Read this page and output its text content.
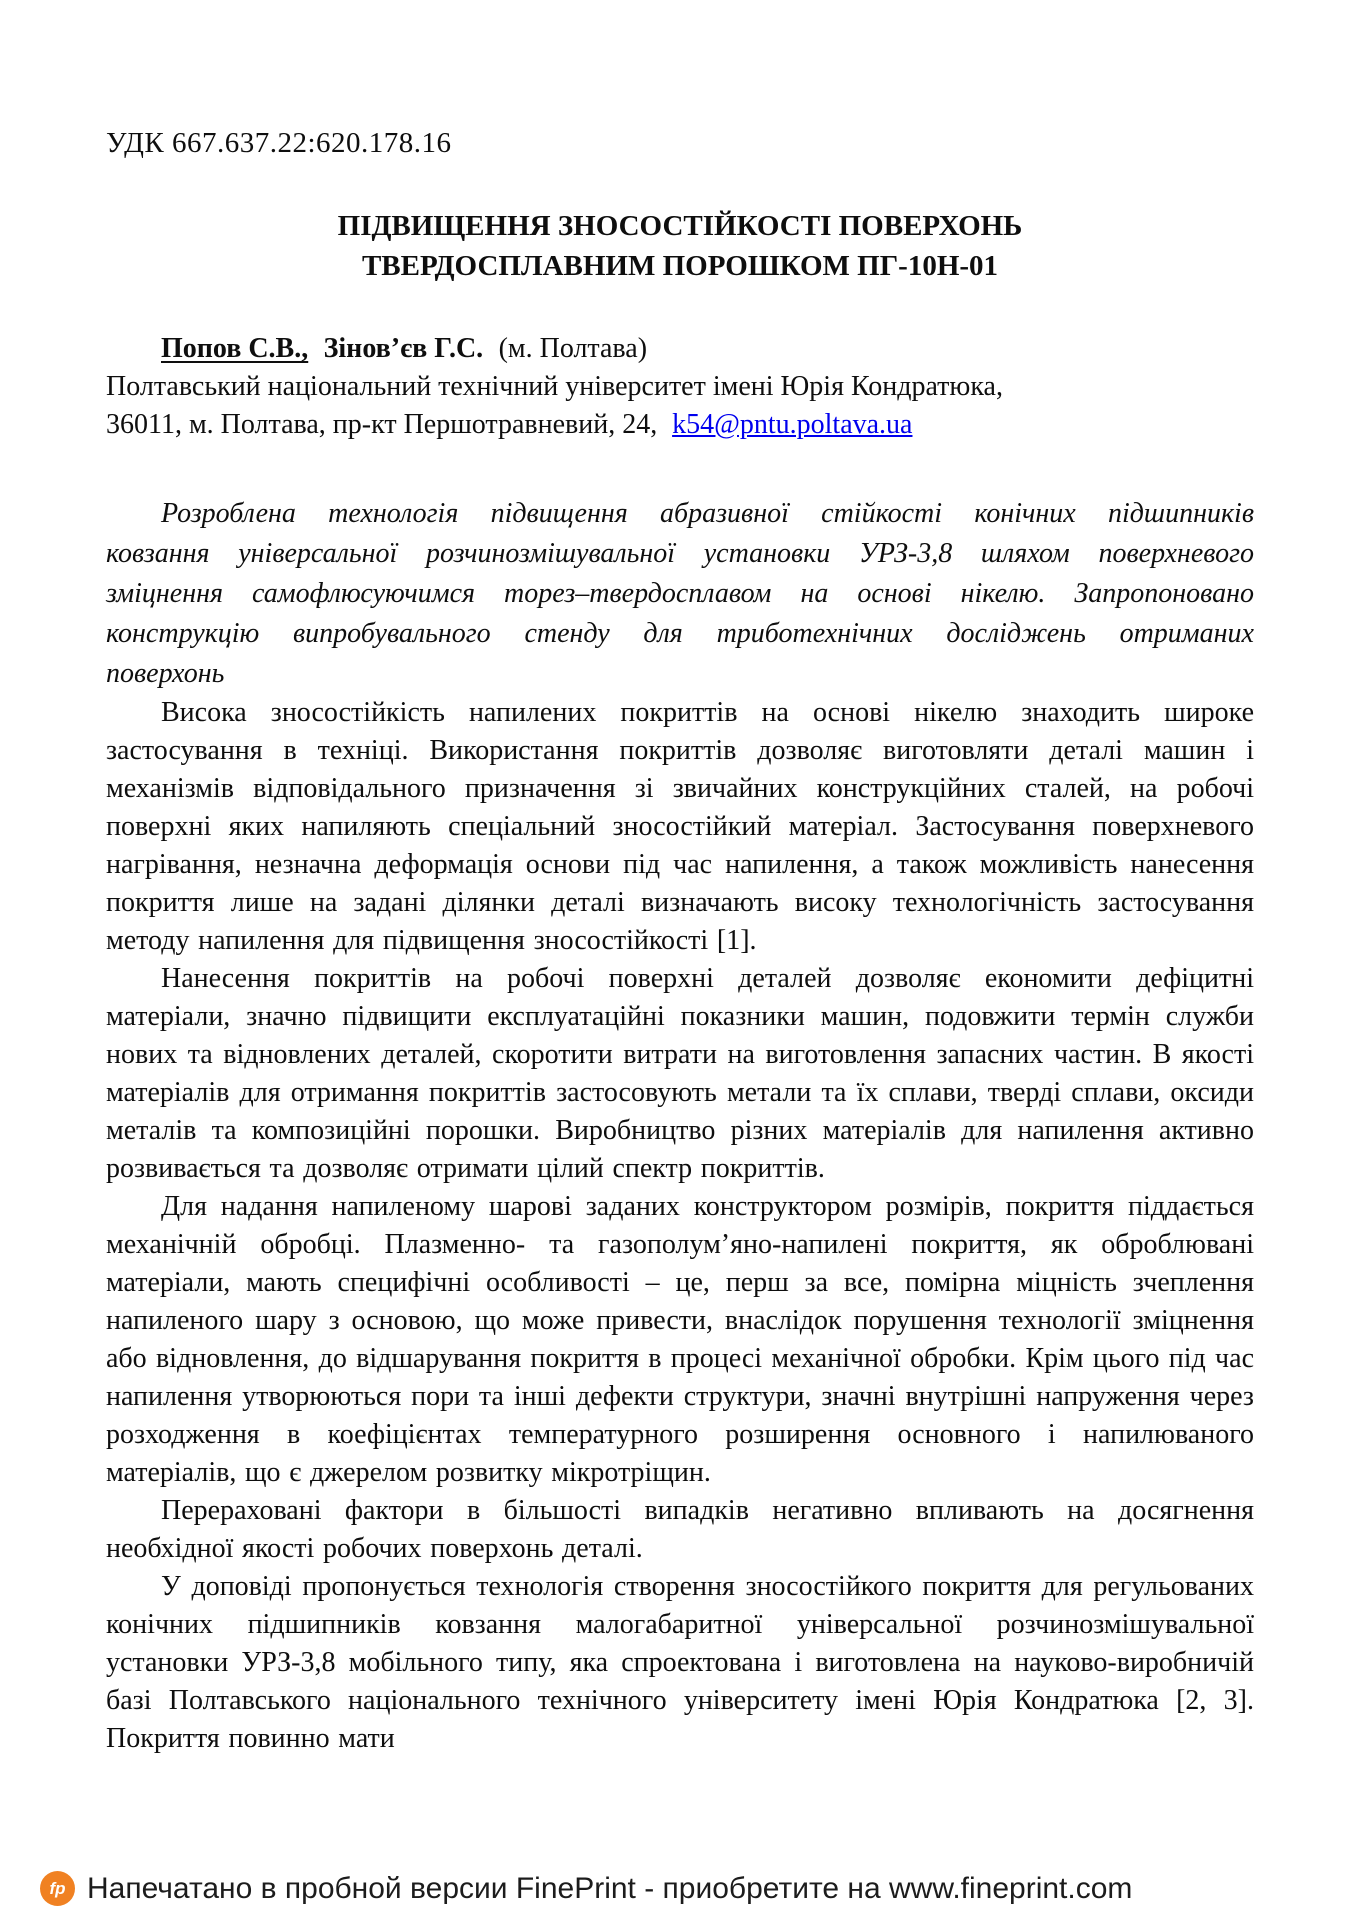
УДК 667.637.22:620.178.16

ПІДВИЩЕННЯ ЗНОСОСТІЙКОСТІ ПОВЕРХОНЬ
ТВЕРДОСПЛАВНИМ ПОРОШКОМ ПГ-10Н-01

Попов С.В., Зінов’єв Г.С. (м. Полтава)

Полтавський національний технічний університет імені Юрія Кондратюка,

36011, м. Полтава, пр-кт Першотравневий, 24, k54@pntu.poltava.ua

Розроблена технологія підвищення абразивної стійкості конічних підшипників ковзання універсальної розчинозмішувальної установки УРЗ-3,8 шляхом поверхневого зміцнення самофлюсуючимся торез–твердосплавом на основі нікелю. Запропоновано конструкцію випробувального стенду для триботехнічних досліджень отриманих поверхонь

Висока зносостійкість напилених покриттів на основі нікелю знаходить широке застосування в техніці. Використання покриттів дозволяє виготовляти деталі машин і механізмів відповідального призначення зі звичайних конструкційних сталей, на робочі поверхні яких напиляють спеціальний зносостійкий матеріал. Застосування поверхневого нагрівання, незначна деформація основи під час напилення, а також можливість нанесення покриття лише на задані ділянки деталі визначають високу технологічність застосування методу напилення для підвищення зносостійкості [1].

Нанесення покриттів на робочі поверхні деталей дозволяє економити дефіцитні матеріали, значно підвищити експлуатаційні показники машин, подовжити термін служби нових та відновлених деталей, скоротити витрати на виготовлення запасних частин. В якості матеріалів для отримання покриттів застосовують метали та їх сплави, тверді сплави, оксиди металів та композиційні порошки. Виробництво різних матеріалів для напилення активно розвивається та дозволяє отримати цілий спектр покриттів.

Для надання напиленому шарові заданих конструктором розмірів, покриття піддається механічній обробці. Плазменно- та газополум’яно-напилені покриття, як оброблювані матеріали, мають специфічні особливості – це, перш за все, помірна міцність зчеплення напиленого шару з основою, що може привести, внаслідок порушення технології зміцнення або відновлення, до відшарування покриття в процесі механічної обробки. Крім цього під час напилення утворюються пори та інші дефекти структури, значні внутрішні напруження через розходження в коефіцієнтах температурного розширення основного і напилюваного матеріалів, що є джерелом розвитку мікротріщин.

Перераховані фактори в більшості випадків негативно впливають на досягнення необхідної якості робочих поверхонь деталі.

У доповіді пропонується технологія створення зносостійкого покриття для регульованих конічних підшипників ковзання малогабаритної універсальної розчинозмішувальної установки УРЗ-3,8 мобільного типу, яка спроектована і виготовлена на науково-виробничій базі Полтавського національного технічного університету імені Юрія Кондратюка [2, 3]. Покриття повинно мати

fp Напечатано в пробной версии FinePrint - приобретите на www.fineprint.com
